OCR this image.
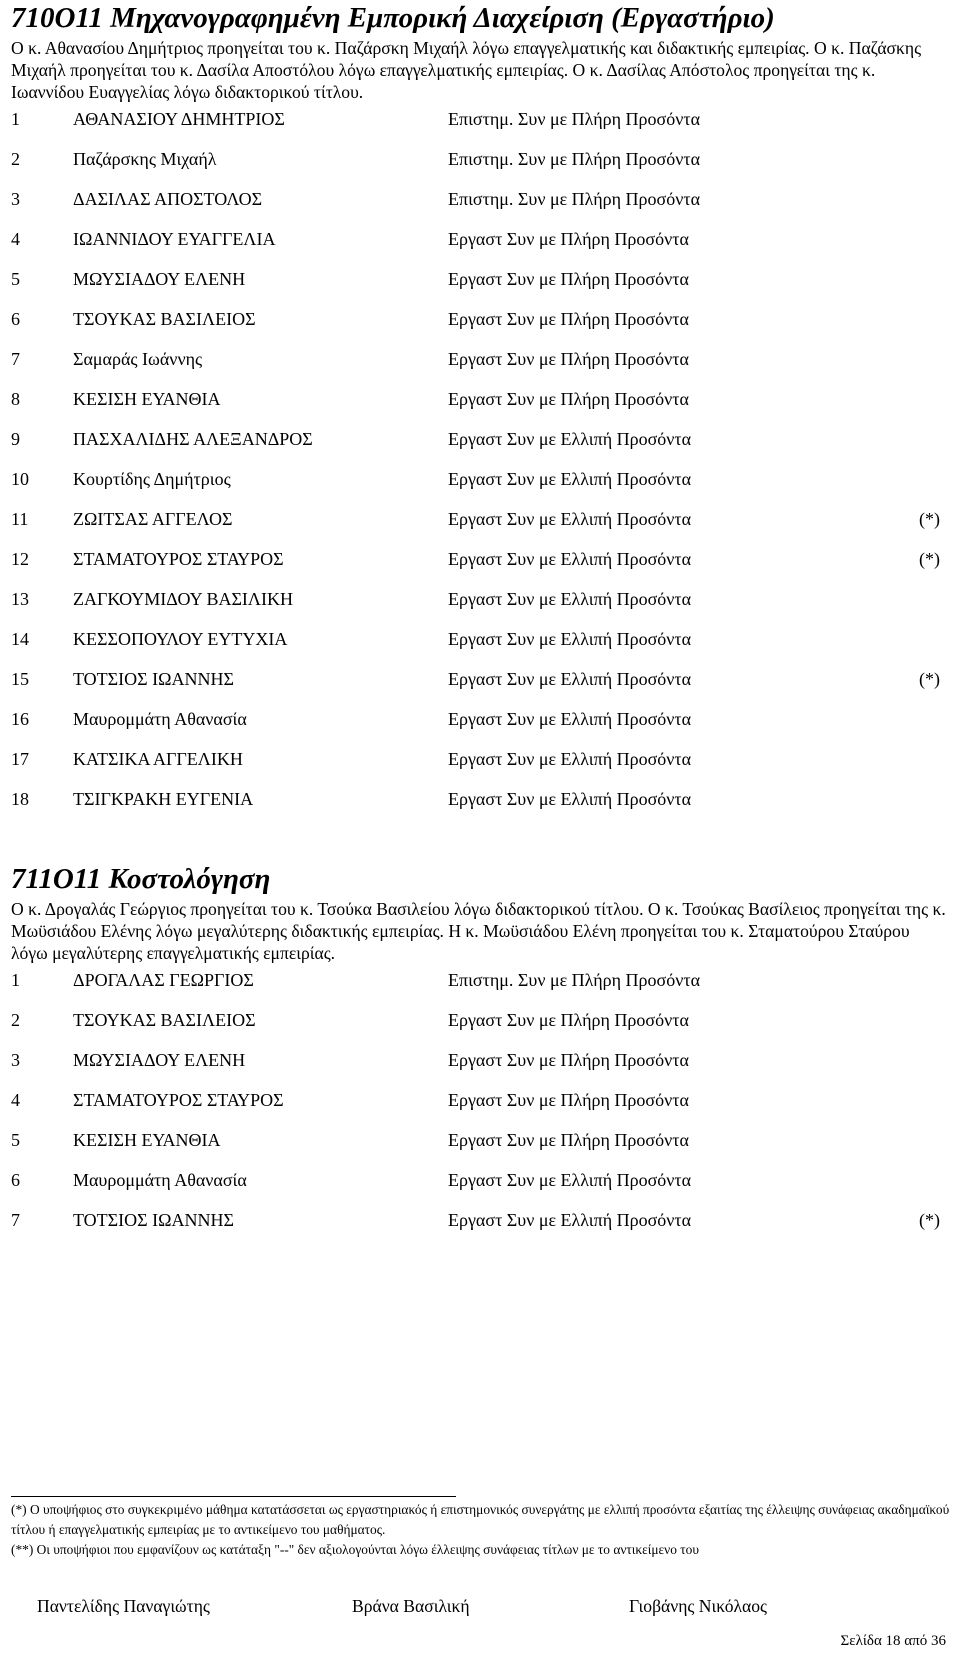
710Ο11 Μηχανογραφημένη Εμπορική Διαχείριση (Εργαστήριο)

Ο κ. Αθανασίου Δημήτριος προηγείται του κ. Παζάρσκη Μιχαήλ λόγω επαγγελματικής και διδακτικής εμπειρίας. Ο κ. Παζάσκης Μιχαήλ προηγείται του κ. Δασίλα Αποστόλου λόγω επαγγελματικής εμπειρίας. Ο κ. Δασίλας Απόστολος προηγείται της κ. Ιωαννίδου Ευαγγελίας λόγω διδακτορικού τίτλου.

1	ΑΘΑΝΑΣΙΟΥ ΔΗΜΗΤΡΙΟΣ	Επιστημ. Συν με Πλήρη Προσόντα
2	Παζάρσκης Μιχαήλ	Επιστημ. Συν με Πλήρη Προσόντα
3	ΔΑΣΙΛΑΣ ΑΠΟΣΤΟΛΟΣ	Επιστημ. Συν με Πλήρη Προσόντα
4	ΙΩΑΝΝΙΔΟΥ ΕΥΑΓΓΕΛΙΑ	Εργαστ Συν με Πλήρη Προσόντα
5	ΜΩΥΣΙΑΔΟΥ ΕΛΕΝΗ	Εργαστ Συν με Πλήρη Προσόντα
6	ΤΣΟΥΚΑΣ ΒΑΣΙΛΕΙΟΣ	Εργαστ Συν με Πλήρη Προσόντα
7	Σαμαράς Ιωάννης	Εργαστ Συν με Πλήρη Προσόντα
8	ΚΕΣΙΣΗ ΕΥΑΝΘΙΑ	Εργαστ Συν με Πλήρη Προσόντα
9	ΠΑΣΧΑΛΙΔΗΣ ΑΛΕΞΑΝΔΡΟΣ	Εργαστ Συν με Ελλιπή Προσόντα
10 Κουρτίδης Δημήτριος	Εργαστ Συν με Ελλιπή Προσόντα
11 ΖΩΙΤΣΑΣ ΑΓΓΕΛΟΣ	Εργαστ Συν με Ελλιπή Προσόντα	(*)
12 ΣΤΑΜΑΤΟΥΡΟΣ ΣΤΑΥΡΟΣ	Εργαστ Συν με Ελλιπή Προσόντα	(*)
13 ΖΑΓΚΟΥΜΙΔΟΥ ΒΑΣΙΛΙΚΗ	Εργαστ Συν με Ελλιπή Προσόντα
14 ΚΕΣΣΟΠΟΥΛΟΥ ΕΥΤΥΧΙΑ	Εργαστ Συν με Ελλιπή Προσόντα
15 ΤΟΤΣΙΟΣ ΙΩΑΝΝΗΣ	Εργαστ Συν με Ελλιπή Προσόντα	(*)
16 Μαυρομμάτη Αθανασία	Εργαστ Συν με Ελλιπή Προσόντα
17 ΚΑΤΣΙΚΑ ΑΓΓΕΛΙΚΗ	Εργαστ Συν με Ελλιπή Προσόντα
18 ΤΣΙΓΚΡΑΚΗ ΕΥΓΕΝΙΑ	Εργαστ Συν με Ελλιπή Προσόντα
711Ο11 Κοστολόγηση

Ο κ. Δρογαλάς Γεώργιος προηγείται του κ. Τσούκα Βασιλείου λόγω διδακτορικού τίτλου. Ο κ. Τσούκας Βασίλειος προηγείται της κ. Μωϋσιάδου Ελένης λόγω μεγαλύτερης διδακτικής εμπειρίας. Η κ. Μωϋσιάδου Ελένη προηγείται του κ. Σταματούρου Σταύρου λόγω μεγαλύτερης επαγγελματικής εμπειρίας.

1	ΔΡΟΓΑΛΑΣ ΓΕΩΡΓΙΟΣ	Επιστημ. Συν με Πλήρη Προσόντα
2	ΤΣΟΥΚΑΣ ΒΑΣΙΛΕΙΟΣ	Εργαστ Συν με Πλήρη Προσόντα
3	ΜΩΥΣΙΑΔΟΥ ΕΛΕΝΗ	Εργαστ Συν με Πλήρη Προσόντα
4	ΣΤΑΜΑΤΟΥΡΟΣ ΣΤΑΥΡΟΣ	Εργαστ Συν με Πλήρη Προσόντα
5	ΚΕΣΙΣΗ ΕΥΑΝΘΙΑ	Εργαστ Συν με Πλήρη Προσόντα
6	Μαυρομμάτη Αθανασία	Εργαστ Συν με Ελλιπή Προσόντα
7	ΤΟΤΣΙΟΣ ΙΩΑΝΝΗΣ	Εργαστ Συν με Ελλιπή Προσόντα	(*)

(*) Ο υποψήφιος στο συγκεκριμένο μάθημα κατατάσσεται ως εργαστηριακός ή επιστημονικός συνεργάτης με ελλιπή προσόντα εξαιτίας της έλλειψης συνάφειας ακαδημαϊκού τίτλου ή επαγγελματικής εμπειρίας με το αντικείμενο του μαθήματος.

(**) Οι υποψήφιοι που εμφανίζουν ως κατάταξη "--" δεν αξιολογούνται λόγω έλλειψης συνάφειας τίτλων με το αντικείμενο του

Παντελίδης Παναγιώτης	Βράνα Βασιλική	Γιοβάνης Νικόλαος
Σελίδα 18 από 36
